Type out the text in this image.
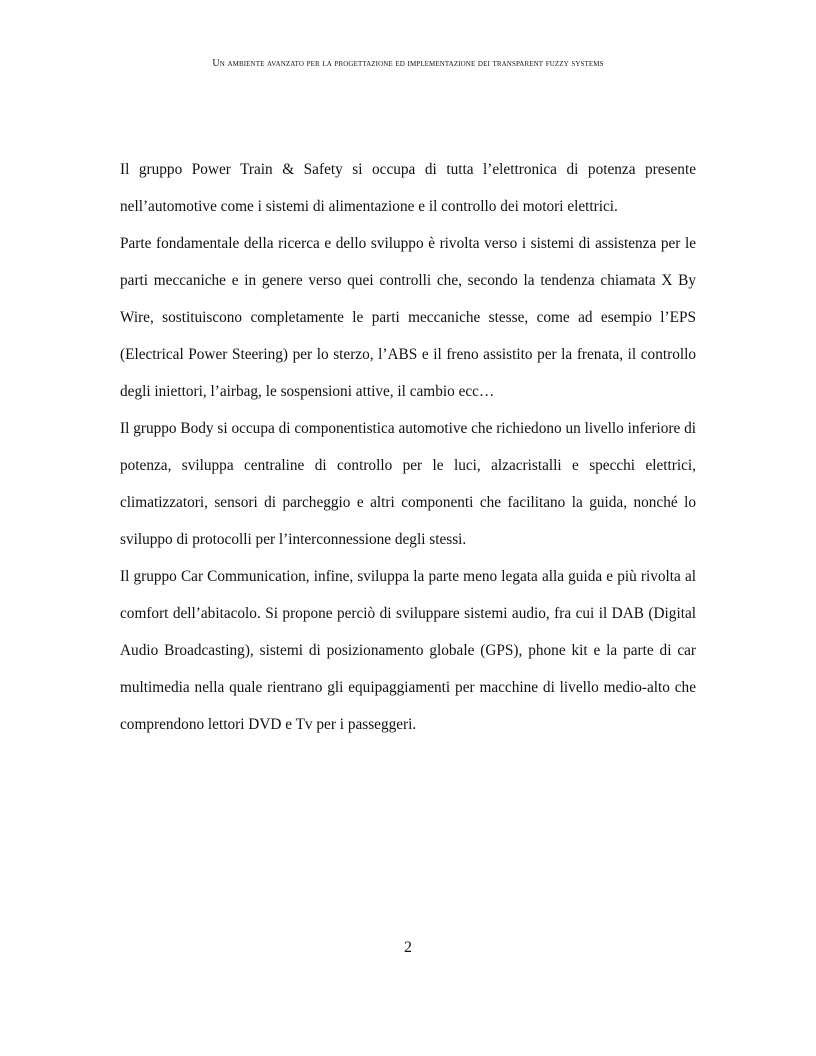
Un ambiente avanzato per la progettazione ed implementazione dei transparent fuzzy systems

Il gruppo Power Train & Safety si occupa di tutta l’elettronica di potenza presente nell’automotive come i sistemi di alimentazione e il controllo dei motori elettrici.

Parte fondamentale della ricerca e dello sviluppo è rivolta verso i sistemi di assistenza per le parti meccaniche e in genere verso quei controlli che, secondo la tendenza chiamata X By Wire, sostituiscono completamente le parti meccaniche stesse, come ad esempio l’EPS (Electrical Power Steering) per lo sterzo, l’ABS e il freno assistito per la frenata, il controllo degli iniettori, l’airbag, le sospensioni attive, il cambio ecc…

Il gruppo Body si occupa di componentistica automotive che richiedono un livello inferiore di potenza, sviluppa centraline di controllo per le luci, alzacristalli e specchi elettrici, climatizzatori, sensori di parcheggio e altri componenti che facilitano la guida, nonché lo sviluppo di protocolli per l’interconnessione degli stessi.

Il gruppo Car Communication, infine, sviluppa la parte meno legata alla guida e più rivolta al comfort dell’abitacolo. Si propone perciò di sviluppare sistemi audio, fra cui il DAB (Digital Audio Broadcasting), sistemi di posizionamento globale (GPS), phone kit e la parte di car multimedia nella quale rientrano gli equipaggiamenti per macchine di livello medio-alto che comprendono lettori DVD e Tv per i passeggeri.

2
